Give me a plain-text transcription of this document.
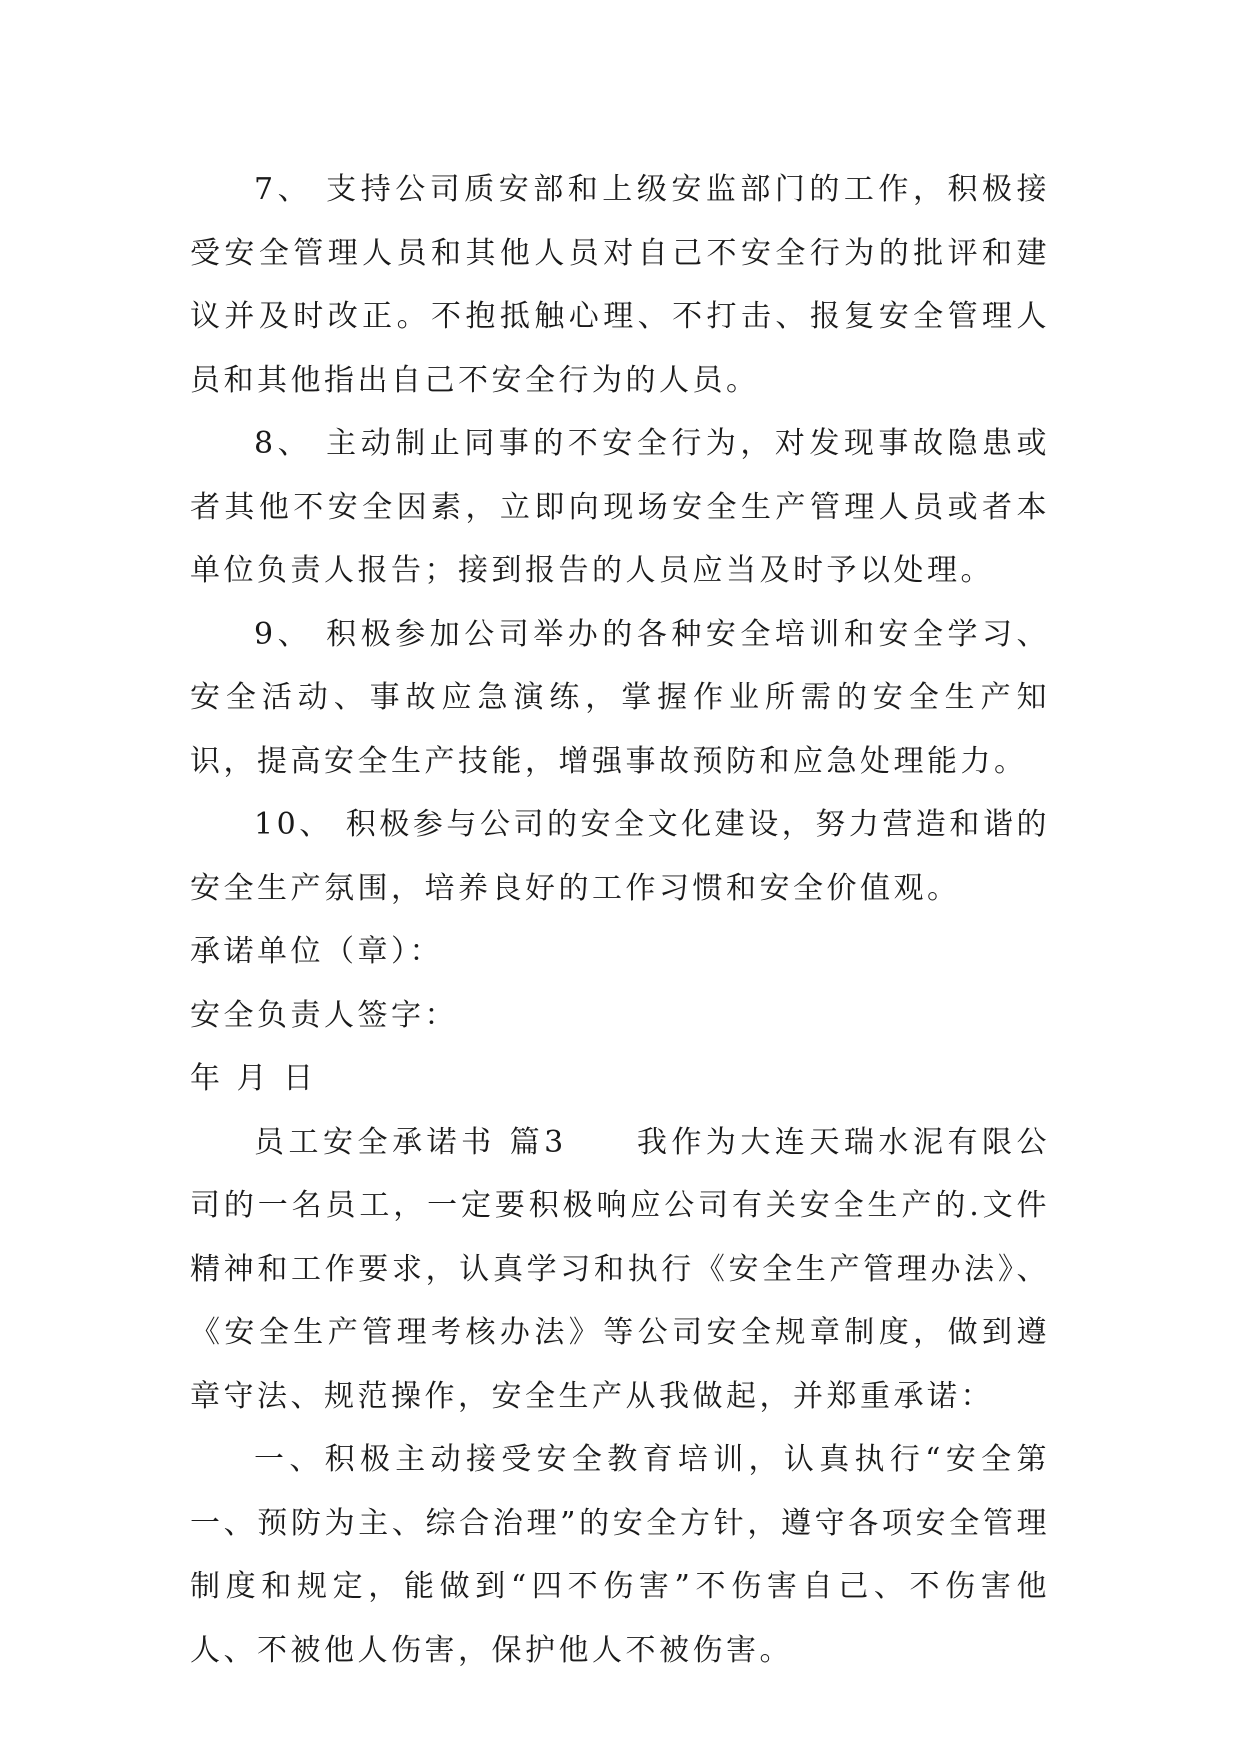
7、 支持公司质安部和上级安监部门的工作，积极接受安全管理人员和其他人员对自己不安全行为的批评和建议并及时改正。不抱抵触心理、不打击、报复安全管理人员和其他指出自己不安全行为的人员。

8、 主动制止同事的不安全行为，对发现事故隐患或者其他不安全因素，立即向现场安全生产管理人员或者本单位负责人报告；接到报告的人员应当及时予以处理。

9、 积极参加公司举办的各种安全培训和安全学习、安全活动、事故应急演练，掌握作业所需的安全生产知识，提高安全生产技能，增强事故预防和应急处理能力。

10、 积极参与公司的安全文化建设，努力营造和谐的安全生产氛围，培养良好的工作习惯和安全价值观。

承诺单位（章）：

安全负责人签字：

年 月 日

员工安全承诺书 篇3　　我作为大连天瑞水泥有限公司的一名员工，一定要积极响应公司有关安全生产的.文件精神和工作要求，认真学习和执行《安全生产管理办法》、《安全生产管理考核办法》等公司安全规章制度，做到遵章守法、规范操作，安全生产从我做起，并郑重承诺：

一、积极主动接受安全教育培训，认真执行“安全第一、预防为主、综合治理”的安全方针，遵守各项安全管理制度和规定，能做到“四不伤害”不伤害自己、不伤害他人、不被他人伤害，保护他人不被伤害。
